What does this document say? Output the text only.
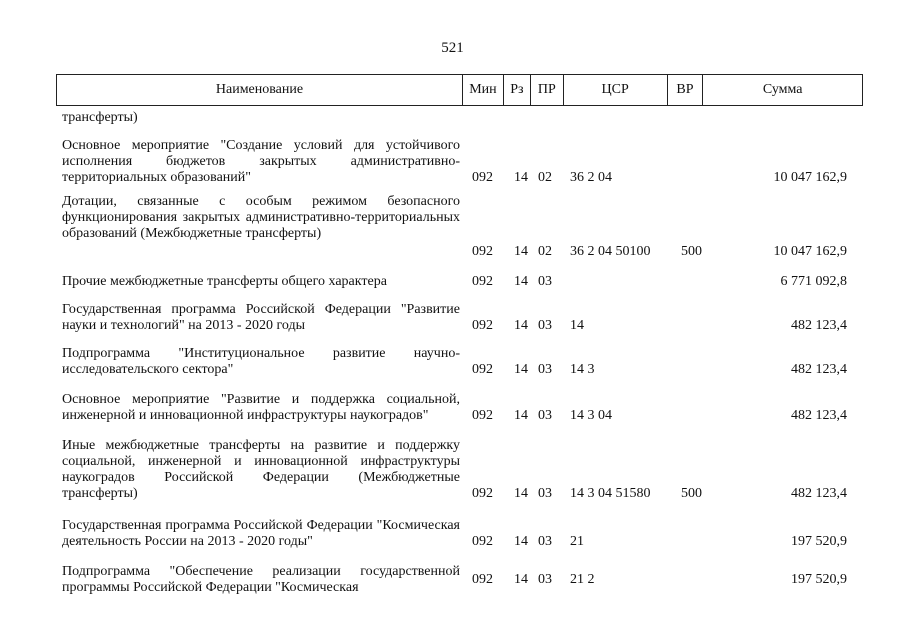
521
Наименование	Мин Рз	ПР	ЦСР	ВР	Сумма
трансферты)
Основное мероприятие "Создание условий для устойчивого исполнения бюджетов закрытых административно-территориальных образований"	092 14 02 36 2 04	10 047 162,9
Дотации, связанные с особым режимом безопасного функционирования закрытых административно-территориальных образований (Межбюджетные трансферты)
092 14 02 36 2 04 50100 500	10 047 162,9
Прочие межбюджетные трансферты общего характера	092 14 03	6 771 092,8
Государственная программа Российской Федерации "Развитие науки и технологий" на 2013 - 2020 годы	092 14 03 14	482 123,4
Подпрограмма "Институциональное развитие научно-исследовательского сектора"	092 14 03 14 3	482 123,4
Основное мероприятие "Развитие и поддержка социальной, инженерной и инновационной инфраструктуры наукоградов"	092 14 03 14 3 04	482 123,4
Иные межбюджетные трансферты на развитие и поддержку социальной, инженерной и инновационной инфраструктуры наукоградов Российской Федерации (Межбюджетные трансферты)	092 14 03 14 3 04 51580 500	482 123,4
Государственная программа Российской Федерации "Космическая деятельность России на 2013 - 2020 годы"	092 14 03 21	197 520,9
Подпрограмма "Обеспечение реализации государственной программы Российской Федерации "Космическая
092 14 03 21 2	197 520,9
